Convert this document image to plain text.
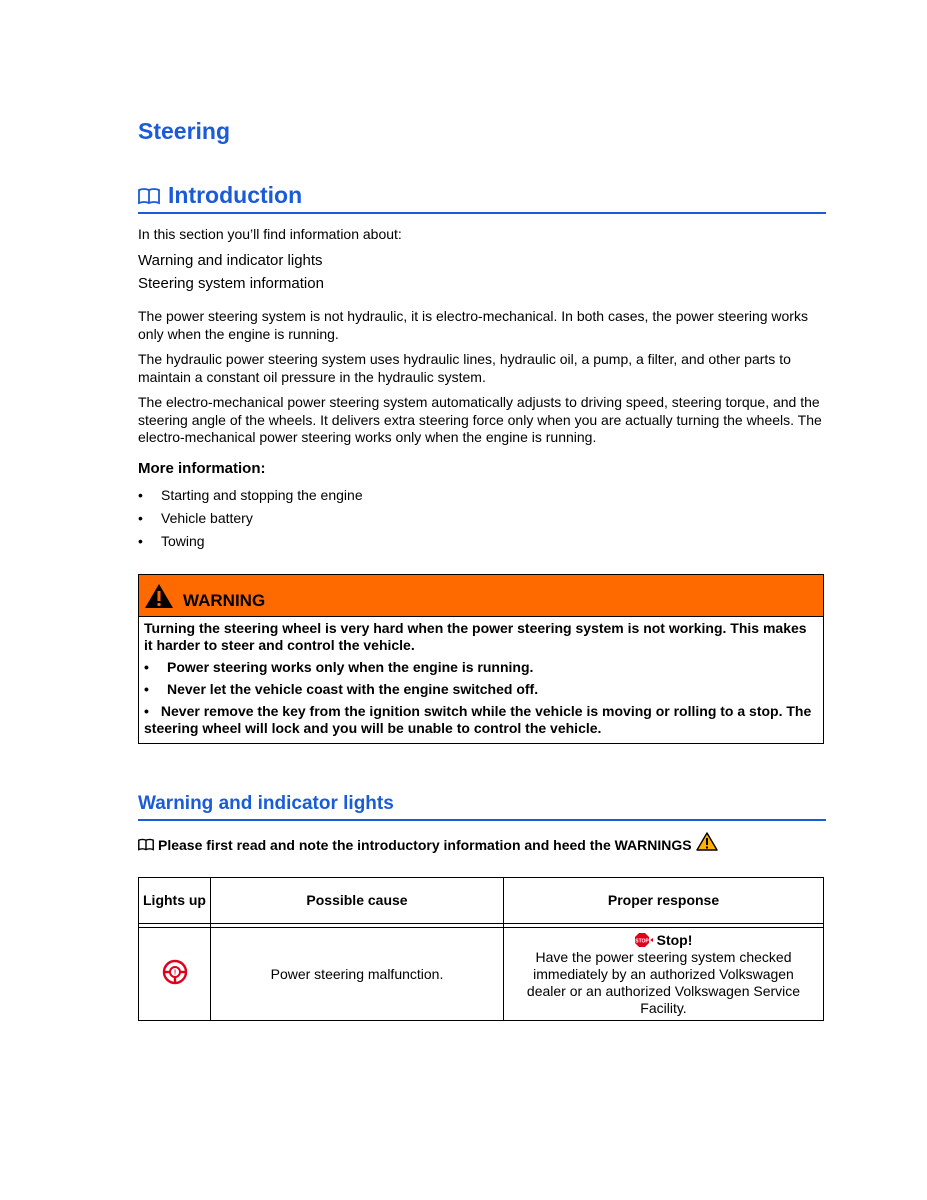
Steering
Introduction

In this section you’ll find information about:

Warning and indicator lights

Steering system information

The power steering system is not hydraulic, it is electro-mechanical. In both cases, the power steering works only when the engine is running.

The hydraulic power steering system uses hydraulic lines, hydraulic oil, a pump, a filter, and other parts to maintain a constant oil pressure in the hydraulic system.

The electro-mechanical power steering system automatically adjusts to driving speed, steering torque, and the steering angle of the wheels. It delivers extra steering force only when you are actually turning the wheels. The electro-mechanical power steering works only when the engine is running.

More information:

• Starting and stopping the engine
• Vehicle battery
• Towing
WARNING
Turning the steering wheel is very hard when the power steering system is not working. This makes it harder to steer and control the vehicle.
• Power steering works only when the engine is running.
• Never let the vehicle coast with the engine switched off.
• Never remove the key from the ignition switch while the vehicle is moving or rolling to a stop. The steering wheel will lock and you will be unable to control the vehicle.
Warning and indicator lights
Please first read and note the introductory information and heed the WARNINGS
Lights up	Possible cause	Proper response

!	Power steering malfunction.	STOP Stop!
Have the power steering system checked immediately by an authorized Volkswagen dealer or an authorized Volkswagen Service Facility.
